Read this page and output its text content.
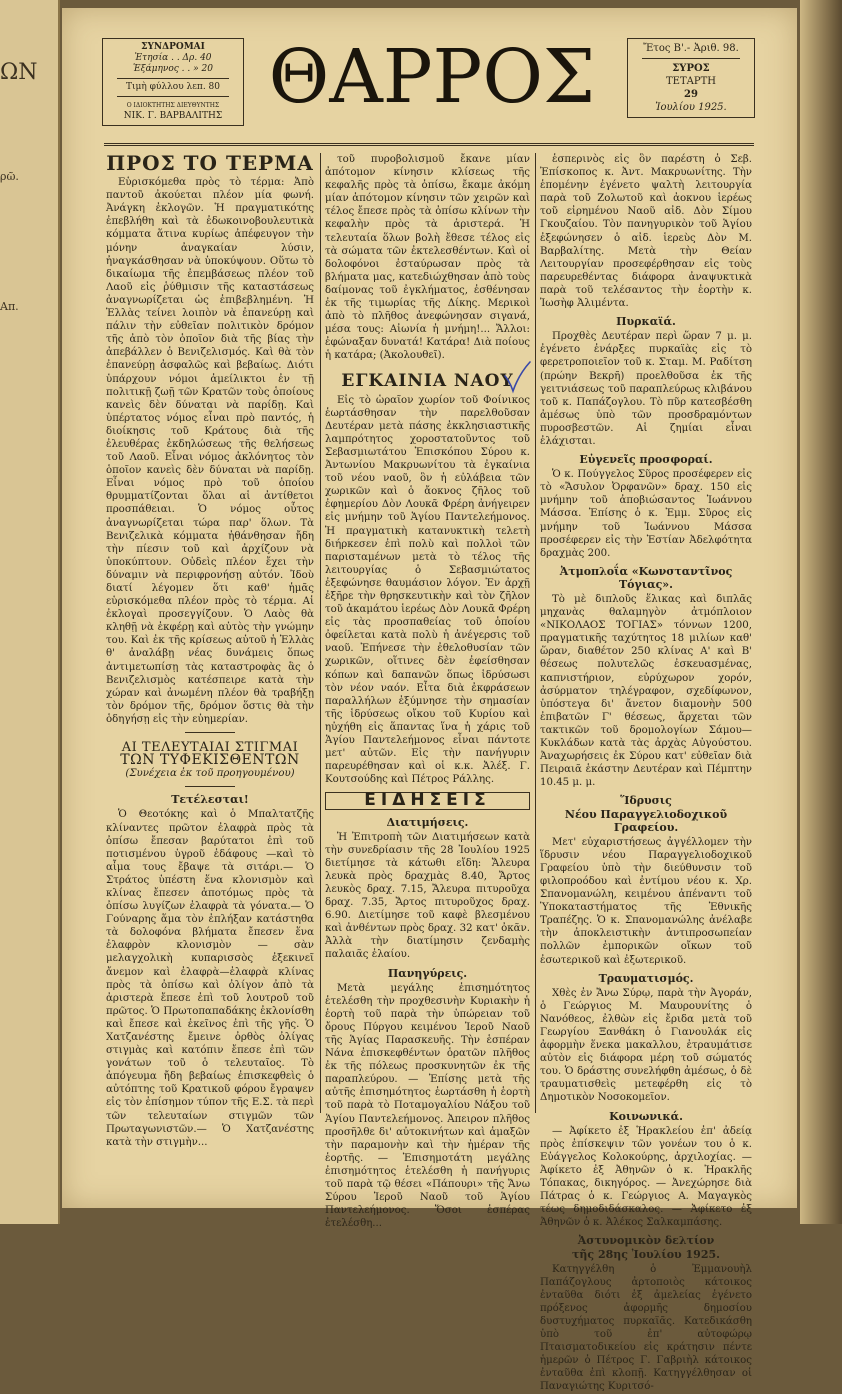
ΩΝ
ρῶ.
Απ.
ΣΥΝΔΡΟΜΑΙ
Ἐτησία . . Δρ. 40
Ἑξάμηνος . . » 20
Τιμὴ φύλλου λεπ. 80
Ο ΙΔΙΟΚΤΗΤΗΣ ΔΙΕΥΘΥΝΤΗΣ
ΝΙΚ. Γ. ΒΑΡΒΑΛΙΤΗΣ ΘΑΡΡΟΣ	Ἔτος Β'.- Ἀριθ. 98.
ΣΥΡΟΣ
ΤΕΤΑΡΤΗ
29
Ἰουλίου 1925.
ΠΡΟΣ ΤΟ ΤΕΡΜΑ

Εὑρισκόμεθα πρὸς τὸ τέρμα: Ἀπὸ παντοῦ ἀκούεται πλέον μία φωνή. Ἀνάγκη ἐκλογῶν. Ἡ πραγματικότης ἐπεβλήθη καὶ τὰ ἐδωκοινοβουλευτικὰ κόμματα ἅτινα κυρίως ἀπέφευγον τὴν μόνην ἀναγκαίαν λύσιν, ἠναγκάσθησαν νὰ ὑποκύψουν. Οὕτω τὸ δικαίωμα τῆς ἐπεμβάσεως πλέον τοῦ Λαοῦ εἰς ῥύθμισιν τῆς καταστάσεως ἀναγνωρίζεται ὡς ἐπιβεβλημένη. Ἡ Ἑλλὰς τείνει λοιπὸν νὰ ἐπανεύρῃ καὶ πάλιν τὴν εὐθεῖαν πολιτικὸν δρόμον τῆς ἀπὸ τὸν ὁποῖον διὰ τῆς βίας τὴν ἀπεβάλλεν ὁ Βενιζελισμός. Καὶ θὰ τὸν ἐπανεύρῃ ἀσφαλῶς καὶ βεβαίως. Διότι ὑπάρχουν νόμοι ἀμείλικτοι ἐν τῇ πολιτικῇ ζωῇ τῶν Κρατῶν τοὺς ὁποίους κανεὶς δὲν δύναται νὰ παρίδῃ. Καὶ ὑπέρτατος νόμος εἶναι πρὸ παντός, ἡ διοίκησις τοῦ Κράτους διὰ τῆς ἐλευθέρας ἐκδηλώσεως τῆς θελήσεως τοῦ Λαοῦ. Εἶναι νόμος ἀκλόνητος τὸν ὁποῖον κανεὶς δὲν δύναται νὰ παρίδῃ. Εἶναι νόμος πρὸ τοῦ ὁποίου θρυμματίζονται ὅλαι αἱ ἀντίθετοι προσπάθειαι. Ὁ νόμος οὗτος ἀναγνωρίζεται τώρα παρ' ὅλων. Τὰ Βενιζελικὰ κόμματα ἠθάνθησαν ἤδη τὴν πίεσιν τοῦ καὶ ἀρχίζουν νὰ ὑποκύπτουν. Οὐδεὶς πλέον ἔχει τὴν δύναμιν νὰ περιφρονήσῃ αὐτόν. Ἰδοὺ διατί λέγομεν ὅτι καθ' ἡμᾶς εὑρισκόμεθα πλέον πρὸς τὸ τέρμα. Αἱ ἐκλογαὶ προσεγγίζουν. Ὁ Λαὸς θὰ κληθῇ νὰ ἐκφέρῃ καὶ αὐτὸς τὴν γνώμην του. Καὶ ἐκ τῆς κρίσεως αὐτοῦ ἡ Ἑλλὰς θ' ἀναλάβῃ νέας δυνάμεις ὅπως ἀντιμετωπίσῃ τὰς καταστροφὰς ἃς ὁ Βενιζελισμὸς κατέσπειρε κατὰ τὴν χώραν καὶ ἀνωμένη πλέον θὰ τραβήξῃ τὸν δρόμον τῆς, δρόμον ὅστις θὰ τὴν ὁδηγήσῃ εἰς τὴν εὐημερίαν.

ΑΙ ΤΕΛΕΥΤΑΙΑΙ ΣΤΙΓΜΑΙ
ΤΩΝ ΤΥΦΕΚΙΣΘΕΝΤΩΝ
(Συνέχεια ἐκ τοῦ προηγουμένου)
Τετέλεσται!

Ὁ Θεοτόκης καὶ ὁ Μπαλτατζῆς κλίναντες πρῶτον ἐλαφρὰ πρὸς τὰ ὀπίσω ἔπεσαν βαρύτατοι ἐπὶ τοῦ ποτισμένου ὑγροῦ ἐδάφους —καὶ τὸ αἷμα τους ἔβαψε τὰ σιτάρι.— Ὁ Στράτος ὑπέστη ἕνα κλονισμὸν καὶ κλίνας ἔπεσεν ἀποτόμως πρὸς τὰ ὀπίσω λυγίζων ἐλαφρὰ τὰ γόνατα.— Ὁ Γούναρης ἅμα τὸν ἐπλήξαν κατάστηθα τὰ δολοφόνα βλήματα ἔπεσεν ἕνα ἐλαφρὸν κλονισμὸν — σὰν μελαγχολικὴ κυπαρισσὸς ἐξεκινεῖ ἄνεμον καὶ ἐλαφρὰ—ἐλαφρὰ κλίνας πρὸς τὰ ὀπίσω καὶ ὀλίγον ἀπὸ τὰ ἀριστερὰ ἔπεσε ἐπὶ τοῦ λουτροῦ τοῦ πρῶτος. Ὁ Πρωτοπαπαδάκης ἐκλονίσθη καὶ ἔπεσε καὶ ἐκεῖνος ἐπὶ τῆς γῆς. Ὁ Χατζανέστης ἔμεινε ὀρθὸς ὀλίγας στιγμὰς καὶ κατόπιν ἔπεσε ἐπὶ τῶν γονάτων τοῦ ὁ τελευταῖος. Τὸ ἀπόγευμα ἤδη βεβαίως ἐπισκεφθεὶς ὁ αὐτόπτης τοῦ Κρατικοῦ φόρου ἔγραψεν εἰς τὸν ἐπίσημον τύπον τῆς Ε.Σ. τὰ περὶ τῶν τελευταίων στιγμῶν τῶν Πρωταγωνιστῶν.— Ὁ Χατζανέστης κατὰ τὴν στιγμὴν...

τοῦ πυροβολισμοῦ ἔκανε μίαν ἀπότομον κίνησιν κλίσεως τῆς κεφαλῆς πρὸς τὰ ὀπίσω, ἔκαμε ἀκόμη μίαν ἀπότομον κίνησιν τῶν χειρῶν καὶ τέλος ἔπεσε πρὸς τὰ ὀπίσω κλίνων τὴν κεφαλὴν πρὸς τὰ ἀριστερά. Ἡ τελευταία ὅλων βολὴ ἔθεσε τέλος εἰς τὰ σώματα τῶν ἐκτελεσθέντων. Καὶ οἱ δολοφόνοι ἐσταύρωσαν πρὸς τὰ βλήματα μας, κατεδιώχθησαν ἀπὸ τοὺς δαίμονας τοῦ ἐγκλήματος, ἐσθένησαν ἐκ τῆς τιμωρίας τῆς Δίκης. Μερικοὶ ἀπὸ τὸ πλῆθος ἀνεφώνησαν σιγανά, μέσα τους: Αἰωνία ἡ μνήμη!... Ἄλλοι: ἐφώναξαν δυνατά! Κατάρα! Διὰ ποίους ἡ κατάρα; (Ἀκολουθεῖ).

ΕΓΚΑΙΝΙΑ ΝΑΟΥ

Εἰς τὸ ὡραῖον χωρίον τοῦ Φοίνικος ἑωρτάσθησαν τὴν παρελθοῦσαν Δευτέραν μετὰ πάσης ἐκκλησιαστικῆς λαμπρότητος χοροστατοῦντος τοῦ Σεβασμιωτάτου Ἐπισκόπου Σύρου κ. Ἀντωνίου Μακρυωνίτου τὰ ἐγκαίνια τοῦ νέου ναοῦ, ὃν ἡ εὐλάβεια τῶν χωρικῶν καὶ ὁ ἄοκνος ζῆλος τοῦ ἐφημερίου Δὸν Λουκᾶ Φρέρη ἀνήγειρεν εἰς μνήμην τοῦ Ἁγίου Παντελεήμονος. Ἡ πραγματικὴ κατανυκτικὴ τελετὴ διήρκεσεν ἐπὶ πολὺ καὶ πολλοὶ τῶν παρισταμένων μετὰ τὸ τέλος τῆς λειτουργίας ὁ Σεβασμιώτατος ἐξεφώνησε θαυμάσιον λόγον. Ἐν ἀρχῇ ἐξῆρε τὴν θρησκευτικὴν καὶ τὸν ζῆλον τοῦ ἀκαμάτου ἱερέως Δὸν Λουκᾶ Φρέρη εἰς τὰς προσπαθείας τοῦ ὁποίου ὀφείλεται κατὰ πολὺ ἡ ἀνέγερσις τοῦ ναοῦ. Ἐπήνεσε τὴν ἐθελοθυσίαν τῶν χωρικῶν, οἵτινες δὲν ἐφείσθησαν κόπων καὶ δαπανῶν ὅπως ἱδρύσωσι τὸν νέον ναόν. Εἶτα διὰ ἐκφράσεων παραλλήλων ἐξύμνησε τὴν σημασίαν τῆς ἱδρύσεως οἴκου τοῦ Κυρίου καὶ ηὐχήθη εἰς ἅπαντας ἵνα ἡ χάρις τοῦ Ἁγίου Παντελεήμονος εἶναι πάντοτε μετ' αὐτῶν. Εἰς τὴν πανήγυριν παρευρέθησαν καὶ οἱ κ.κ. Ἀλέξ. Γ. Κουτσούδης καὶ Πέτρος Ράλλης.

ΕΙΔΗΣΕΙΣ
Διατιμήσεις.

Ἡ Ἐπιτροπὴ τῶν Διατιμήσεων κατὰ τὴν συνεδρίασιν τῆς 28 Ἰουλίου 1925 διετίμησε τὰ κάτωθι εἴδη: Ἄλευρα λευκὰ πρὸς δραχμὰς 8.40, Ἄρτος λευκὸς δραχ. 7.15, Ἄλευρα πιτυροῦχα δραχ. 7.35, Ἄρτος πιτυροῦχος δραχ. 6.90. Διετίμησε τοῦ καφὲ βλεσμένου καὶ ἀνθέντων πρὸς δραχ. 32 κατ' ὀκᾶν. Ἀλλὰ τὴν διατίμησιν ζενδαμὴς παλαιᾶς ἐλαίου.

Πανηγύρεις.

Μετὰ μεγάλης ἐπισημότητος ἑτελέσθη τὴν προχθεσινὴν Κυριακὴν ἡ ἑορτὴ τοῦ παρὰ τὴν ὑπώρειαν τοῦ ὄρους Πύργου κειμένου Ἱεροῦ Ναοῦ τῆς Ἁγίας Παρασκευῆς. Τὴν ἑσπέραν Νάνα ἐπισκεφθέντων ὁρατῶν πλῆθος ἐκ τῆς πόλεως προσκυνητῶν ἐκ τῆς παραπλεύρου. — Ἐπίσης μετὰ τῆς αὐτῆς ἐπισημότητος ἑωρτάσθη ἡ ἑορτὴ τοῦ παρὰ τὸ Ποταμογαλίου Νάξου τοῦ Ἁγίου Παντελεήμονος. Ἀπειρον πλῆθος προσῆλθε δι' αὐτοκινήτων καὶ ἁμαξῶν τὴν παραμονὴν καὶ τὴν ἡμέραν τῆς ἑορτῆς. — Ἐπισημοτάτη μεγάλης ἐπισημότητος ἑτελέσθη ἡ πανήγυρις τοῦ παρὰ τῷ θέσει «Πάπουρι» τῆς Ἄνω Σύρου Ἱεροῦ Ναοῦ τοῦ Ἁγίου Παντελεήμονος. Ὅσοι ἑσπέρας ἐτελέσθη...

ἑσπερινὸς εἰς ὃν παρέστη ὁ Σεβ. Ἐπίσκοπος κ. Ἀντ. Μακρυωνίτης. Τὴν ἑπομένην ἐγένετο ψαλτὴ λειτουργία παρὰ τοῦ Ζολωτοῦ καὶ ἀοκνου ἱερέως τοῦ εἰρημένου Ναοῦ αἰδ. Δὸν Σίμου Γκουζαίου. Τὸν πανηγυρικὸν τοῦ Ἁγίου ἐξεφώνησεν ὁ αἰδ. ἱερεὺς Δὸν Μ. Βαρβαλίτης. Μετὰ τὴν Θείαν Λειτουργίαν προσεφέρθησαν εἰς τοὺς παρευρεθέντας διάφορα ἀναψυκτικὰ παρὰ τοῦ τελέσαντος τὴν ἑορτὴν κ. Ἰωσὴφ Ἀλιμέντα.

Πυρκαϊά.

Προχθὲς Δευτέραν περὶ ὥραν 7 μ. μ. ἐγένετο ἐνάρξες πυρκαϊὰς εἰς τὸ φερετροποιεῖον τοῦ κ. Σταμ. Μ. Ραδίτση (πρώην Βεκρῆ) προελθοῦσα ἐκ τῆς γειτνιάσεως τοῦ παραπλεύρως κλιβάνου τοῦ κ. Παπάζογλου. Τὸ πῦρ κατεσβέσθη ἀμέσως ὑπὸ τῶν προσδραμόντων πυροσβεστῶν. Αἱ ζημίαι εἶναι ἐλάχισται.

Εὐγενεῖς προσφοραί.

Ὁ κ. Πούγγελος Σῦρος προσέφερεν εἰς τὸ «Ἄσυλον Ὀρφανῶν» δραχ. 150 εἰς μνήμην τοῦ ἀποβιώσαντος Ἰωάννου Μάσσα. Ἐπίσης ὁ κ. Ἐμμ. Σῦρος εἰς μνήμην τοῦ Ἰωάννου Μάσσα προσέφερεν εἰς τὴν Ἑστίαν Ἀδελφότητα δραχμὰς 200.

Ἀτμοπλοΐα «Κωνσταντῖνος Τόγιας».

Τὸ μὲ διπλοῦς ἕλικας καὶ διπλᾶς μηχανὰς θαλαμηγὸν ἀτμόπλοιον «ΝΙΚΟΛΑΟΣ ΤΟΓΙΑΣ» τόννων 1200, πραγματικῆς ταχύτητος 18 μιλίων καθ' ὥραν, διαθέτον 250 κλίνας Α' καὶ Β' θέσεως πολυτελῶς ἐσκευασμένας, καπνιστήριον, εὐρύχωρον χορόν, ἀσύρματον τηλέγραφον, σχεδίφωνον, ὑπόστεγα δι' ἄνετον διαμονὴν 500 ἐπιβατῶν Γ' θέσεως, ἄρχεται τῶν τακτικῶν τοῦ δρομολογίων Σάμου—Κυκλάδων κατὰ τὰς ἀρχὰς Αὐγούστου. Ἀναχωρήσεις ἐκ Σύρου κατ' εὐθεῖαν διὰ Πειραιᾶ ἑκάστην Δευτέραν καὶ Πέμπτην 10.45 μ. μ.

Ἵδρυσις
Νέου Παραγγελιοδοχικοῦ Γραφείου.

Μετ' εὐχαριστήσεως ἀγγέλλομεν τὴν ἵδρυσιν νέου Παραγγελιοδοχικοῦ Γραφείου ὑπὸ τὴν διεύθυνσιν τοῦ φιλοπροόδου καὶ ἐντίμου νέου κ. Χρ. Σπανομανώλη, κειμένου ἀπέναντι τοῦ Ὑποκαταστήματος τῆς Ἐθνικῆς Τραπέζης. Ὁ κ. Σπανομανώλης ἀνέλαβε τὴν ἀποκλειστικὴν ἀντιπροσωπείαν πολλῶν ἐμπορικῶν οἴκων τοῦ ἐσωτερικοῦ καὶ ἐξωτερικοῦ.

Τραυματισμός.

Χθὲς ἐν Ἄνω Σύρῳ, παρὰ τὴν Ἀγοράν, ὁ Γεώργιος Μ. Μαυρουνίτης ὁ Νανόθεος, ἐλθὼν εἰς ἔριδα μετὰ τοῦ Γεωργίου Ξανθάκη ὁ Γιανουλάκ εἰς ἀφορμὴν ἕνεκα μακαλλου, ἐτραυμάτισε αὐτὸν εἰς διάφορα μέρη τοῦ σώματός του. Ὁ δράστης συνελήφθη ἀμέσως, ὁ δὲ τραυματισθεὶς μετεφέρθη εἰς τὸ Δημοτικὸν Νοσοκομεῖον.

Κοινωνικά.

— Ἀφίκετο ἐξ Ἡρακλείου ἐπ' ἀδείᾳ πρὸς ἐπίσκεψιν τῶν γονέων του ὁ κ. Εὐάγγελος Κολοκούρης, ἀρχιλοχίας. — Ἀφίκετο ἐξ Ἀθηνῶν ὁ κ. Ἠρακλῆς Τόπακας, δικηγόρος. — Ἀνεχώρησε διὰ Πάτρας ὁ κ. Γεώργιος Α. Μαγαγκὸς τέως δημοδιδάσκαλος. — Ἀφίκετο ἐξ Ἀθηνῶν ὁ κ. Ἀλέκος Σαλκαμπάσης.

Ἀστυνομικὸν δελτίον
τῆς 28ης Ἰουλίου 1925.

Κατηγγέλθη ὁ Ἐμμανουὴλ Παπάζογλους ἀρτοποιὸς κάτοικος ἐνταῦθα διότι ἐξ ἀμελείας ἐγένετο πρόξενος ἀφορμῆς δημοσίου δυστυχήματος πυρκαϊᾶς. Κατεδικάσθη ὑπὸ τοῦ ἐπ' αὐτοφώρῳ Πταισματοδικείου εἰς κράτησιν πέντε ἡμερῶν ὁ Πέτρος Γ. Γαβριὴλ κάτοικος ἐνταῦθα ἐπὶ κλοπῇ. Κατηγγέλθησαν οἱ Παναγιώτης Κυριτσό-
